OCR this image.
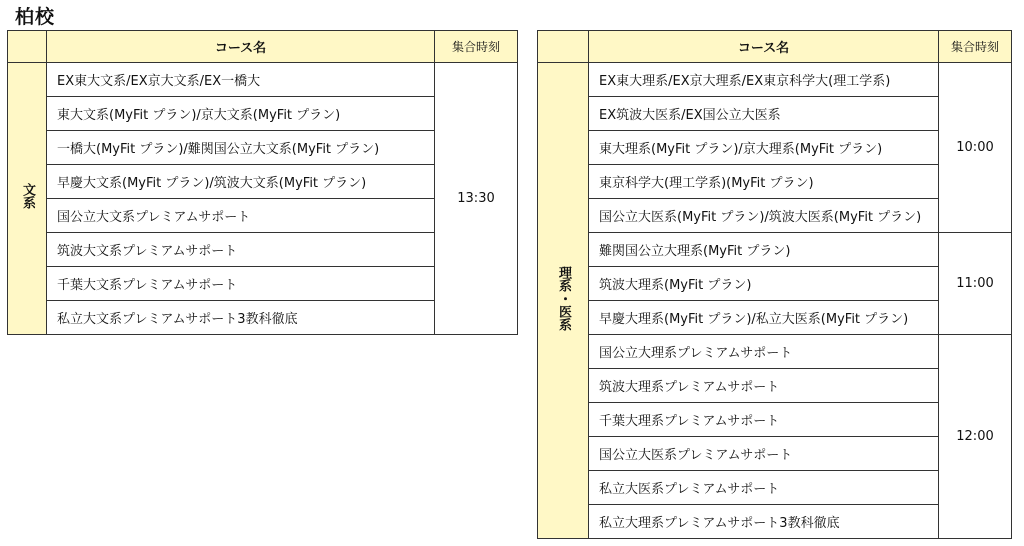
柏校
	コース名	集合時刻
文系	EX東大文系/EX京大文系/EX一橋大	13:30
	東大文系(MyFit プラン)/京大文系(MyFit プラン)	
	一橋大(MyFit プラン)/難関国公立大文系(MyFit プラン)	
	早慶大文系(MyFit プラン)/筑波大文系(MyFit プラン)	
	国公立大文系プレミアムサポート	
	筑波大文系プレミアムサポート	
	千葉大文系プレミアムサポート	
	私立大文系プレミアムサポート3教科徹底	
	コース名	集合時刻
理系・医系	EX東大理系/EX京大理系/EX東京科学大(理工学系)	10:00
	EX筑波大医系/EX国公立大医系	
	東大理系(MyFit プラン)/京大理系(MyFit プラン)	
	東京科学大(理工学系)(MyFit プラン)	
	国公立大医系(MyFit プラン)/筑波大医系(MyFit プラン)	
	難関国公立大理系(MyFit プラン)	11:00
	筑波大理系(MyFit プラン)	
	早慶大理系(MyFit プラン)/私立大医系(MyFit プラン)	
	国公立大理系プレミアムサポート	12:00
	筑波大理系プレミアムサポート	
	千葉大理系プレミアムサポート	
	国公立大医系プレミアムサポート	
	私立大医系プレミアムサポート	
	私立大理系プレミアムサポート3教科徹底	
